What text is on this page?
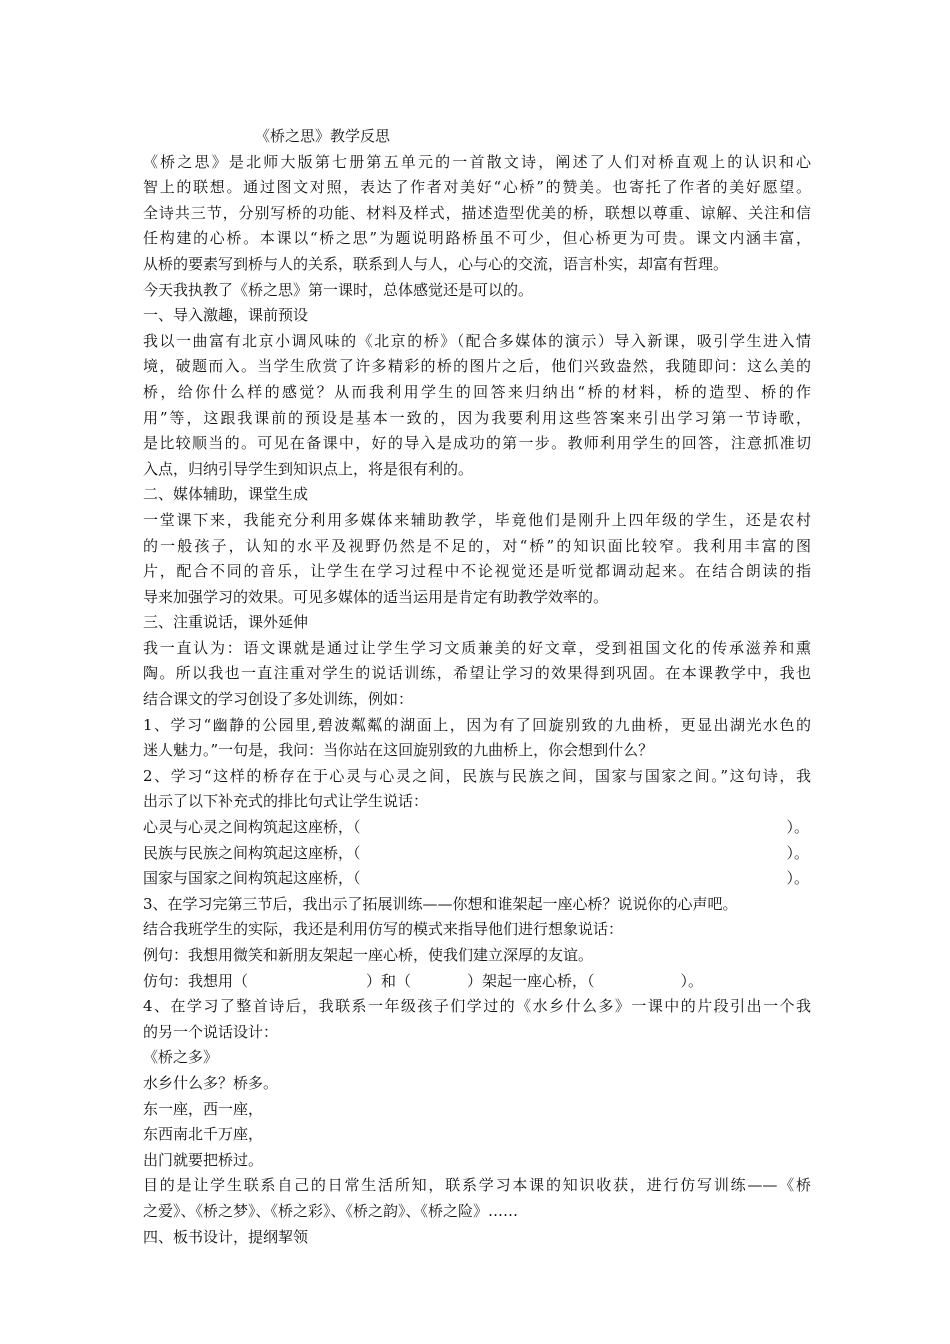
《桥之思》教学反思
《桥之思》是北师大版第七册第五单元的一首散文诗，阐述了人们对桥直观上的认识和心
智上的联想。通过图文对照，表达了作者对美好“心桥”的赞美。也寄托了作者的美好愿望。
全诗共三节，分别写桥的功能、材料及样式，描述造型优美的桥，联想以尊重、谅解、关注和信
任构建的心桥。本课以“桥之思”为题说明路桥虽不可少，但心桥更为可贵。课文内涵丰富，
从桥的要素写到桥与人的关系，联系到人与人，心与心的交流，语言朴实，却富有哲理。
今天我执教了《桥之思》第一课时，总体感觉还是可以的。
一、导入激趣，课前预设
我以一曲富有北京小调风味的《北京的桥》（配合多媒体的演示）导入新课，吸引学生进入情
境，破题而入。当学生欣赏了许多精彩的桥的图片之后，他们兴致盎然，我随即问：这么美的
桥，给你什么样的感觉？从而我利用学生的回答来归纳出“桥的材料，桥的造型、桥的作
用”等，这跟我课前的预设是基本一致的，因为我要利用这些答案来引出学习第一节诗歌，
是比较顺当的。可见在备课中，好的导入是成功的第一步。教师利用学生的回答，注意抓准切
入点，归纳引导学生到知识点上，将是很有利的。
二、媒体辅助，课堂生成
一堂课下来，我能充分利用多媒体来辅助教学，毕竟他们是刚升上四年级的学生，还是农村
的一般孩子，认知的水平及视野仍然是不足的，对“桥”的知识面比较窄。我利用丰富的图
片，配合不同的音乐，让学生在学习过程中不论视觉还是听觉都调动起来。在结合朗读的指
导来加强学习的效果。可见多媒体的适当运用是肯定有助教学效率的。
三、注重说话，课外延伸
我一直认为：语文课就是通过让学生学习文质兼美的好文章，受到祖国文化的传承滋养和熏
陶。所以我也一直注重对学生的说话训练，希望让学习的效果得到巩固。在本课教学中，我也
结合课文的学习创设了多处训练，例如：
1、学习“幽静的公园里,碧波粼粼的湖面上，因为有了回旋别致的九曲桥，更显出湖光水色的
迷人魅力。”一句是，我问：当你站在这回旋别致的九曲桥上，你会想到什么？
2、学习“这样的桥存在于心灵与心灵之间，民族与民族之间，国家与国家之间。”这句诗，我
出示了以下补充式的排比句式让学生说话：
心灵与心灵之间构筑起这座桥，（	）。
民族与民族之间构筑起这座桥，（	）。
国家与国家之间构筑起这座桥，（	）。
3、在学习完第三节后，我出示了拓展训练——你想和谁架起一座心桥？说说你的心声吧。
结合我班学生的实际，我还是利用仿写的模式来指导他们进行想象说话：
例句：我想用微笑和新朋友架起一座心桥，使我们建立深厚的友谊。
仿句：我想用（	）和（	）架起一座心桥，（	）。
4、在学习了整首诗后，我联系一年级孩子们学过的《水乡什么多》一课中的片段引出一个我
的另一个说话设计：
《桥之多》
水乡什么多？桥多。
东一座，西一座，
东西南北千万座，
出门就要把桥过。
目的是让学生联系自己的日常生活所知，联系学习本课的知识收获，进行仿写训练——《桥
之爱》、《桥之梦》、《桥之彩》、《桥之韵》、《桥之险》……
四、板书设计，提纲挈领
